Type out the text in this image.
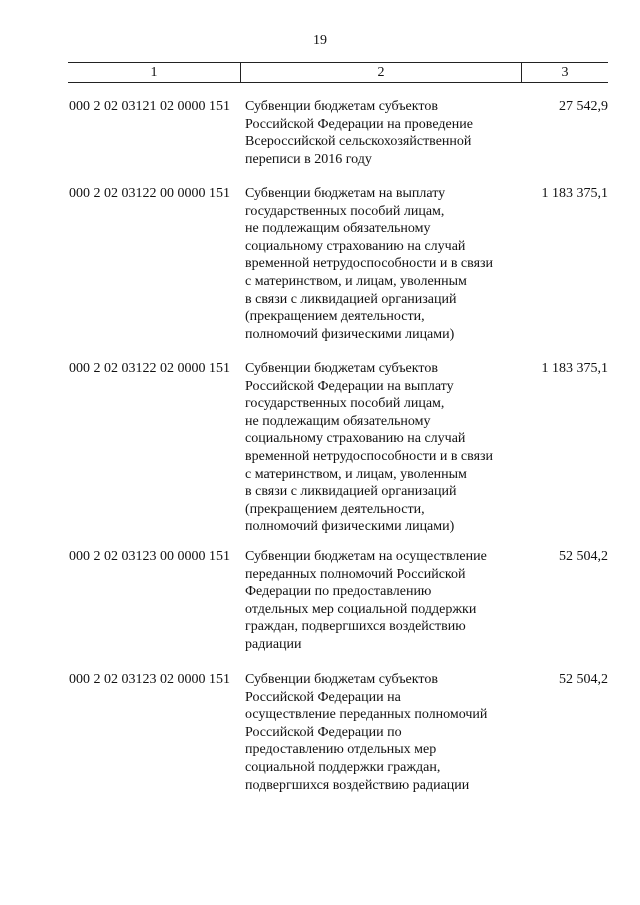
19
1	2	3
000 2 02 03121 02 0000 151 Субвенции бюджетам субъектов
Российской Федерации на проведение
Всероссийской сельскохозяйственной
переписи в 2016 году
27 542,9
000 2 02 03122 00 0000 151 Субвенции бюджетам на выплату
государственных пособий лицам,
не подлежащим обязательному
социальному страхованию на случай
временной нетрудоспособности и в связи
с материнством, и лицам, уволенным
в связи с ликвидацией организаций
(прекращением деятельности,
полномочий физическими лицами)
1 183 375,1
000 2 02 03122 02 0000 151 Субвенции бюджетам субъектов
Российской Федерации на выплату
государственных пособий лицам,
не подлежащим обязательному
социальному страхованию на случай
временной нетрудоспособности и в связи
с материнством, и лицам, уволенным
в связи с ликвидацией организаций
(прекращением деятельности,
полномочий физическими лицами)
1 183 375,1
000 2 02 03123 00 0000 151 Субвенции бюджетам на осуществление
переданных полномочий Российской
Федерации по предоставлению
отдельных мер социальной поддержки
граждан, подвергшихся воздействию
радиации
52 504,2
000 2 02 03123 02 0000 151 Субвенции бюджетам субъектов
Российской Федерации на
осуществление переданных полномочий
Российской Федерации по
предоставлению отдельных мер
социальной поддержки граждан,
подвергшихся воздействию радиации
52 504,2
